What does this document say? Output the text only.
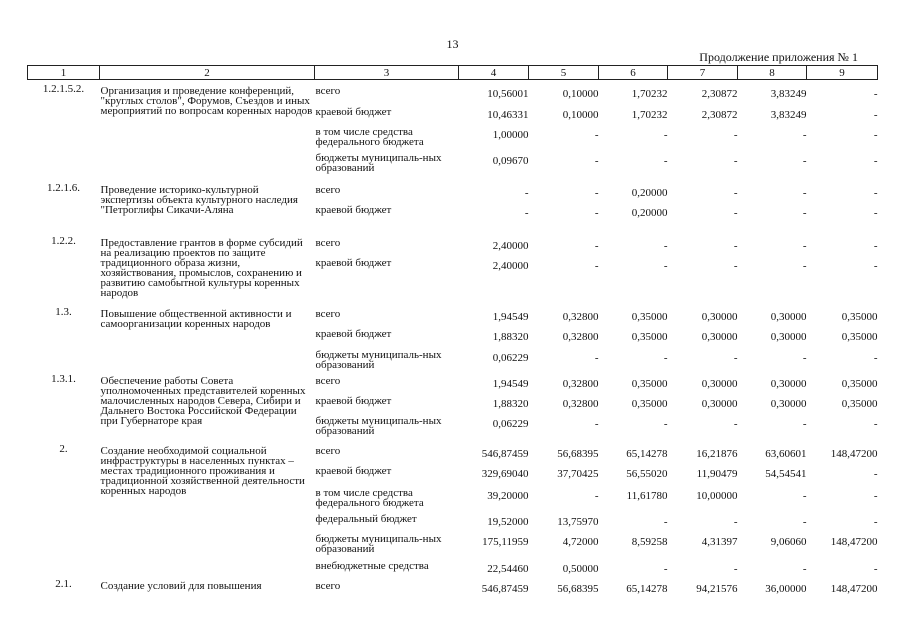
13
Продолжение приложения № 1
1	2	3	4	5	6	7	8	9
1.2.1.5.2.	Организация и проведение конференций, "круглых столов", Форумов, Съездов и иных мероприятий по вопросам коренных народов	всего	10,56001	0,10000	1,70232	2,30872	3,83249	-
		краевой бюджет	10,46331	0,10000	1,70232	2,30872	3,83249	-
		в том числе средства федерального бюджета	1,00000	-	-	-	-	-
		бюджеты муниципаль-ных образований	0,09670	-	-	-	-	-
1.2.1.6.	Проведение историко-культурной экспертизы объекта культурного наследия "Петроглифы Сикачи-Аляна	всего	-	-	0,20000	-	-	-
		краевой бюджет	-	-	0,20000	-	-	-
1.2.2.	Предоставление грантов в форме субсидий на реализацию проектов по защите традиционного образа жизни, хозяйствования, промыслов, сохранению и развитию самобытной культуры коренных народов	всего	2,40000	-	-	-	-	-
		краевой бюджет	2,40000	-	-	-	-	-
1.3.	Повышение общественной активности и самоорганизации коренных народов	всего	1,94549	0,32800	0,35000	0,30000	0,30000	0,35000
		краевой бюджет	1,88320	0,32800	0,35000	0,30000	0,30000	0,35000
		бюджеты муниципаль-ных образований	0,06229	-	-	-	-	-
1.3.1.	Обеспечение работы Совета уполномоченных представителей коренных малочисленных народов Севера, Сибири и Дальнего Востока Российской Федерации при Губернаторе края	всего	1,94549	0,32800	0,35000	0,30000	0,30000	0,35000
		краевой бюджет	1,88320	0,32800	0,35000	0,30000	0,30000	0,35000
		бюджеты муниципаль-ных образований	0,06229	-	-	-	-	-
2.	Создание необходимой социальной инфраструктуры в населенных пунктах – местах традиционного проживания и традиционной хозяйственной деятельности коренных народов	всего	546,87459	56,68395	65,14278	16,21876	63,60601	148,47200
		краевой бюджет	329,69040	37,70425	56,55020	11,90479	54,54541	-
		в том числе средства федерального бюджета	39,20000	-	11,61780	10,00000	-	-
		федеральный бюджет	19,52000	13,75970	-	-	-	-
		бюджеты муниципаль-ных образований	175,11959	4,72000	8,59258	4,31397	9,06060	148,47200
		внебюджетные средства	22,54460	0,50000	-	-	-	-
2.1.	Создание условий для повышения	всего	546,87459	56,68395	65,14278	94,21576	36,00000	148,47200
